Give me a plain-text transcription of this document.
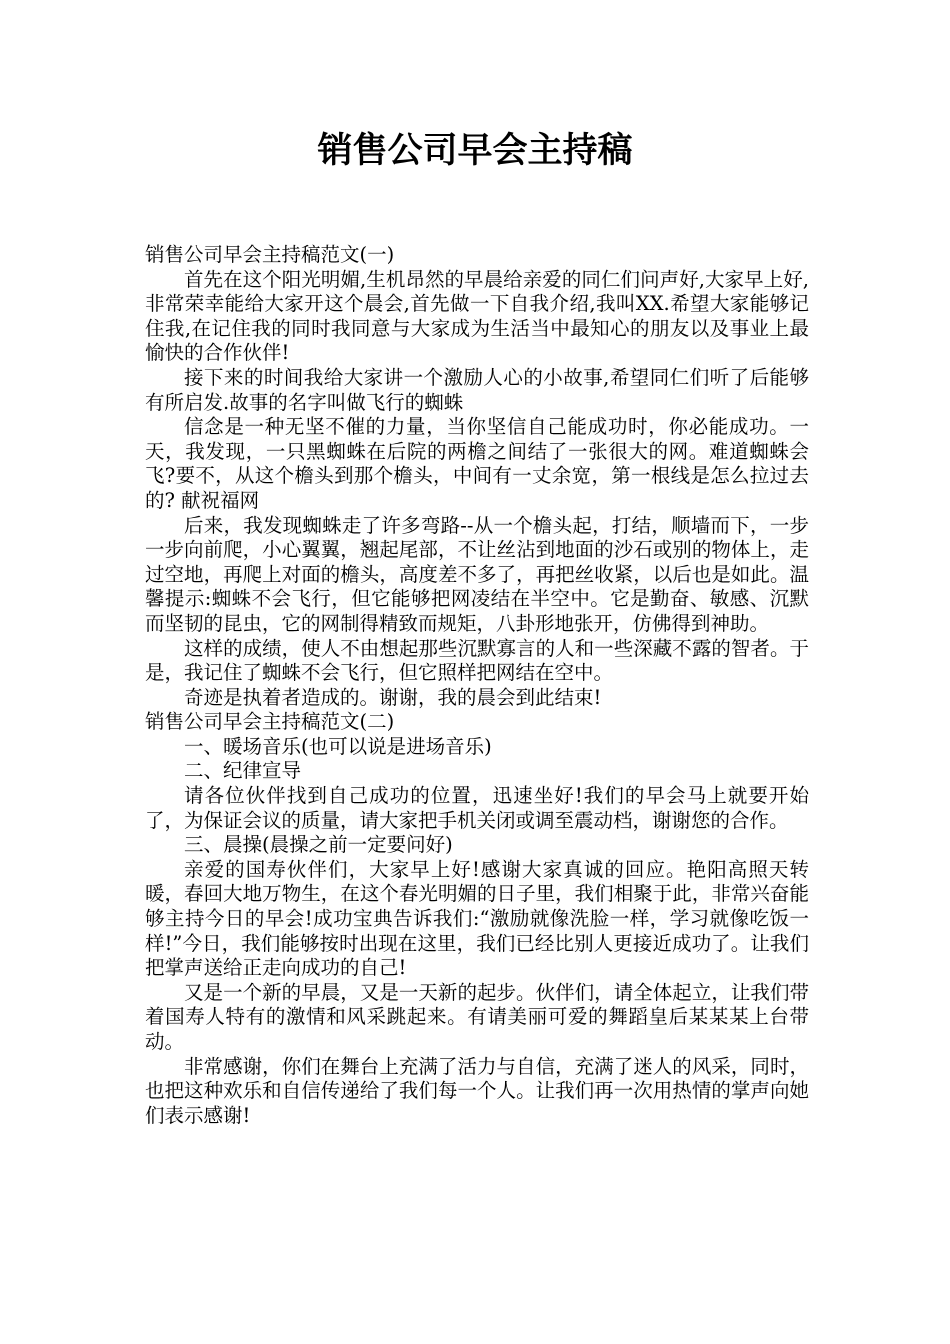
销售公司早会主持稿

销售公司早会主持稿范文(一)

首先在这个阳光明媚,生机昂然的早晨给亲爱的同仁们问声好,大家早上好,非常荣幸能给大家开这个晨会,首先做一下自我介绍,我叫XX.希望大家能够记住我,在记住我的同时我同意与大家成为生活当中最知心的朋友以及事业上最愉快的合作伙伴!

接下来的时间我给大家讲一个激励人心的小故事,希望同仁们听了后能够有所启发.故事的名字叫做飞行的蜘蛛

信念是一种无坚不催的力量，当你坚信自己能成功时，你必能成功。一天，我发现，一只黑蜘蛛在后院的两檐之间结了一张很大的网。难道蜘蛛会飞?要不，从这个檐头到那个檐头，中间有一丈余宽，第一根线是怎么拉过去的? 献祝福网

后来，我发现蜘蛛走了许多弯路--从一个檐头起，打结，顺墙而下，一步一步向前爬，小心翼翼，翘起尾部，不让丝沾到地面的沙石或别的物体上，走过空地，再爬上对面的檐头，高度差不多了，再把丝收紧，以后也是如此。温馨提示:蜘蛛不会飞行，但它能够把网凌结在半空中。它是勤奋、敏感、沉默而坚韧的昆虫，它的网制得精致而规矩，八卦形地张开，仿佛得到神助。

这样的成绩，使人不由想起那些沉默寡言的人和一些深藏不露的智者。于是，我记住了蜘蛛不会飞行，但它照样把网结在空中。

奇迹是执着者造成的。谢谢，我的晨会到此结束!

销售公司早会主持稿范文(二)

一、暖场音乐(也可以说是进场音乐)

二、纪律宣导

请各位伙伴找到自己成功的位置，迅速坐好!我们的早会马上就要开始了，为保证会议的质量，请大家把手机关闭或调至震动档，谢谢您的合作。

三、晨操(晨操之前一定要问好)

亲爱的国寿伙伴们，大家早上好!感谢大家真诚的回应。艳阳高照天转暖，春回大地万物生，在这个春光明媚的日子里，我们相聚于此，非常兴奋能够主持今日的早会!成功宝典告诉我们:“激励就像洗脸一样，学习就像吃饭一样!”今日，我们能够按时出现在这里，我们已经比别人更接近成功了。让我们把掌声送给正走向成功的自己!

又是一个新的早晨，又是一天新的起步。伙伴们，请全体起立，让我们带着国寿人特有的激情和风采跳起来。有请美丽可爱的舞蹈皇后某某某上台带动。

非常感谢，你们在舞台上充满了活力与自信，充满了迷人的风采，同时，也把这种欢乐和自信传递给了我们每一个人。让我们再一次用热情的掌声向她们表示感谢!
